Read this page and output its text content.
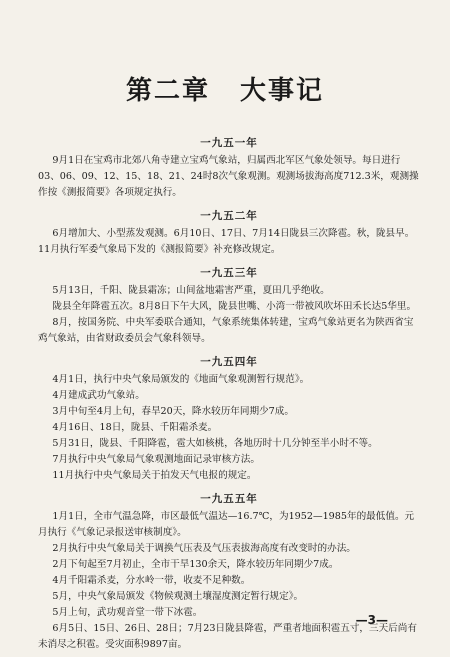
第二章 大事记
一九五一年

9月1日在宝鸡市北郊八角寺建立宝鸡气象站，归属西北军区气象处领导。每日进行03、06、09、12、15、18、21、24时8次气象观测。观测场拔海高度712.3米，观测操作按《测报简要》各项规定执行。

一九五二年

6月增加大、小型蒸发观测。6月10日、17日、7月14日陇县三次降雹。秋，陇县早。11月执行军委气象局下发的《测报简要》补充修改规定。

一九五三年

5月13日，千阳、陇县霜冻；山间盆地霜害严重，夏田几乎绝收。

陇县全年降雹五次。8月8日下午大风，陇县世嘴、小湾一带被风吹坏田禾长达5华里。

8月，按国务院、中央军委联合通知，气象系统集体转建，宝鸡气象站更名为陕西省宝鸡气象站，由省财政委员会气象科领导。

一九五四年

4月1日，执行中央气象局颁发的《地面气象观测暂行规范》。

4月建成武功气象站。

3月中旬至4月上旬，春旱20天，降水较历年同期少7成。

4月16日、18日，陇县、千阳霜杀麦。

5月31日，陇县、千阳降雹，雹大如核桃，各地历时十几分钟至半小时不等。

7月执行中央气象局气象观测地面记录审核方法。

11月执行中央气象局关于拍发天气电报的规定。

一九五五年

1月1日，全市气温急降，市区最低气温达—16.7℃，为1952—1985年的最低值。元月执行《气象记录报送审核制度》。

2月执行中央气象局关于调换气压表及气压表拔海高度有改变时的办法。

2月下旬起至7月初止，全市干旱130余天，降水较历年同期少7成。

4月千阳霜杀麦，分水岭一带，收麦不足种数。

5月，中央气象局颁发《物候观测土壤湿度测定暂行规定》。

5月上旬，武功观音堂一带下冰雹。

6月5日、15日、26日、28日；7月23日陇县降雹，严重者地面积雹五寸，三天后尚有未消尽之积雹。受灾面积9897亩。

—3—
